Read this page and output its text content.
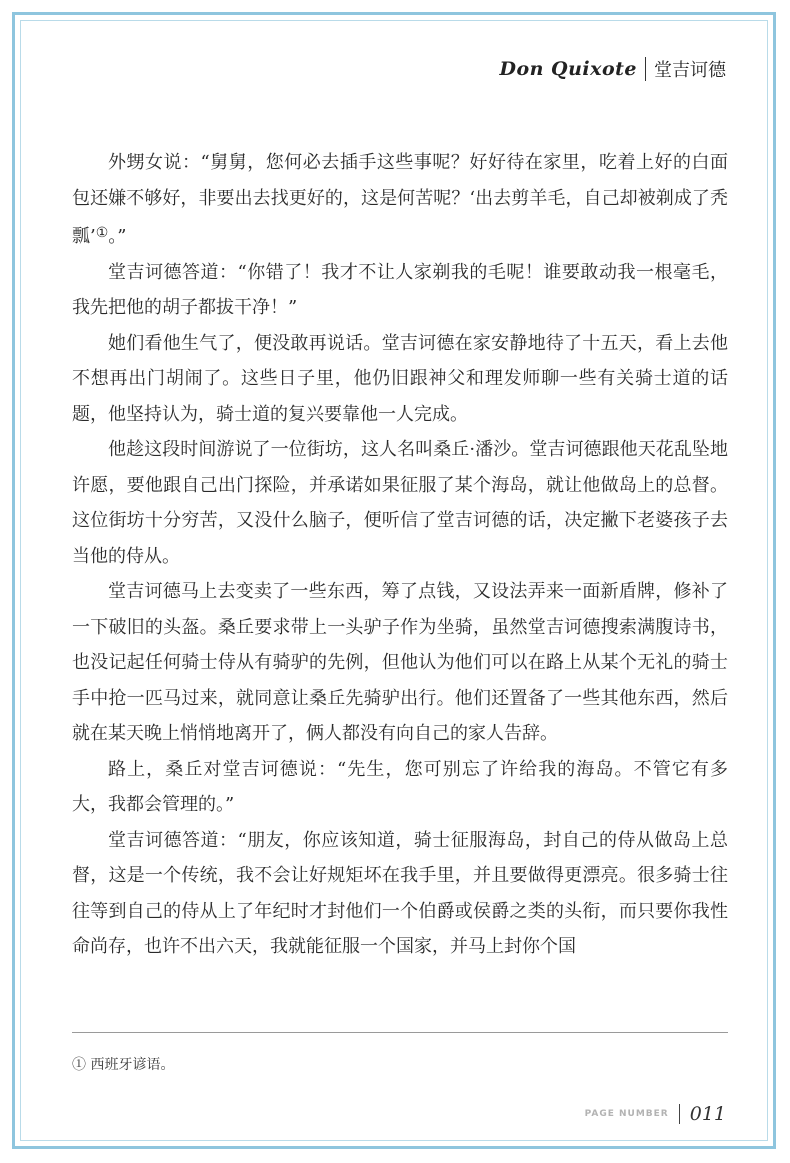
Don Quixote 堂吉诃德

外甥女说：“舅舅，您何必去插手这些事呢？好好待在家里，吃着上好的白面包还嫌不够好，非要出去找更好的，这是何苦呢？‘出去剪羊毛，自己却被剃成了秃瓢’①。”

堂吉诃德答道：“你错了！我才不让人家剃我的毛呢！谁要敢动我一根毫毛，我先把他的胡子都拔干净！”

她们看他生气了，便没敢再说话。堂吉诃德在家安静地待了十五天，看上去他不想再出门胡闹了。这些日子里，他仍旧跟神父和理发师聊一些有关骑士道的话题，他坚持认为，骑士道的复兴要靠他一人完成。

他趁这段时间游说了一位街坊，这人名叫桑丘·潘沙。堂吉诃德跟他天花乱坠地许愿，要他跟自己出门探险，并承诺如果征服了某个海岛，就让他做岛上的总督。这位街坊十分穷苦，又没什么脑子，便听信了堂吉诃德的话，决定撇下老婆孩子去当他的侍从。

堂吉诃德马上去变卖了一些东西，筹了点钱，又设法弄来一面新盾牌，修补了一下破旧的头盔。桑丘要求带上一头驴子作为坐骑，虽然堂吉诃德搜索满腹诗书，也没记起任何骑士侍从有骑驴的先例，但他认为他们可以在路上从某个无礼的骑士手中抢一匹马过来，就同意让桑丘先骑驴出行。他们还置备了一些其他东西，然后就在某天晚上悄悄地离开了，俩人都没有向自己的家人告辞。

路上，桑丘对堂吉诃德说：“先生，您可别忘了许给我的海岛。不管它有多大，我都会管理的。”

堂吉诃德答道：“朋友，你应该知道，骑士征服海岛，封自己的侍从做岛上总督，这是一个传统，我不会让好规矩坏在我手里，并且要做得更漂亮。很多骑士往往等到自己的侍从上了年纪时才封他们一个伯爵或侯爵之类的头衔，而只要你我性命尚存，也许不出六天，我就能征服一个国家，并马上封你个国

① 西班牙谚语。
PAGE NUMBER 011
